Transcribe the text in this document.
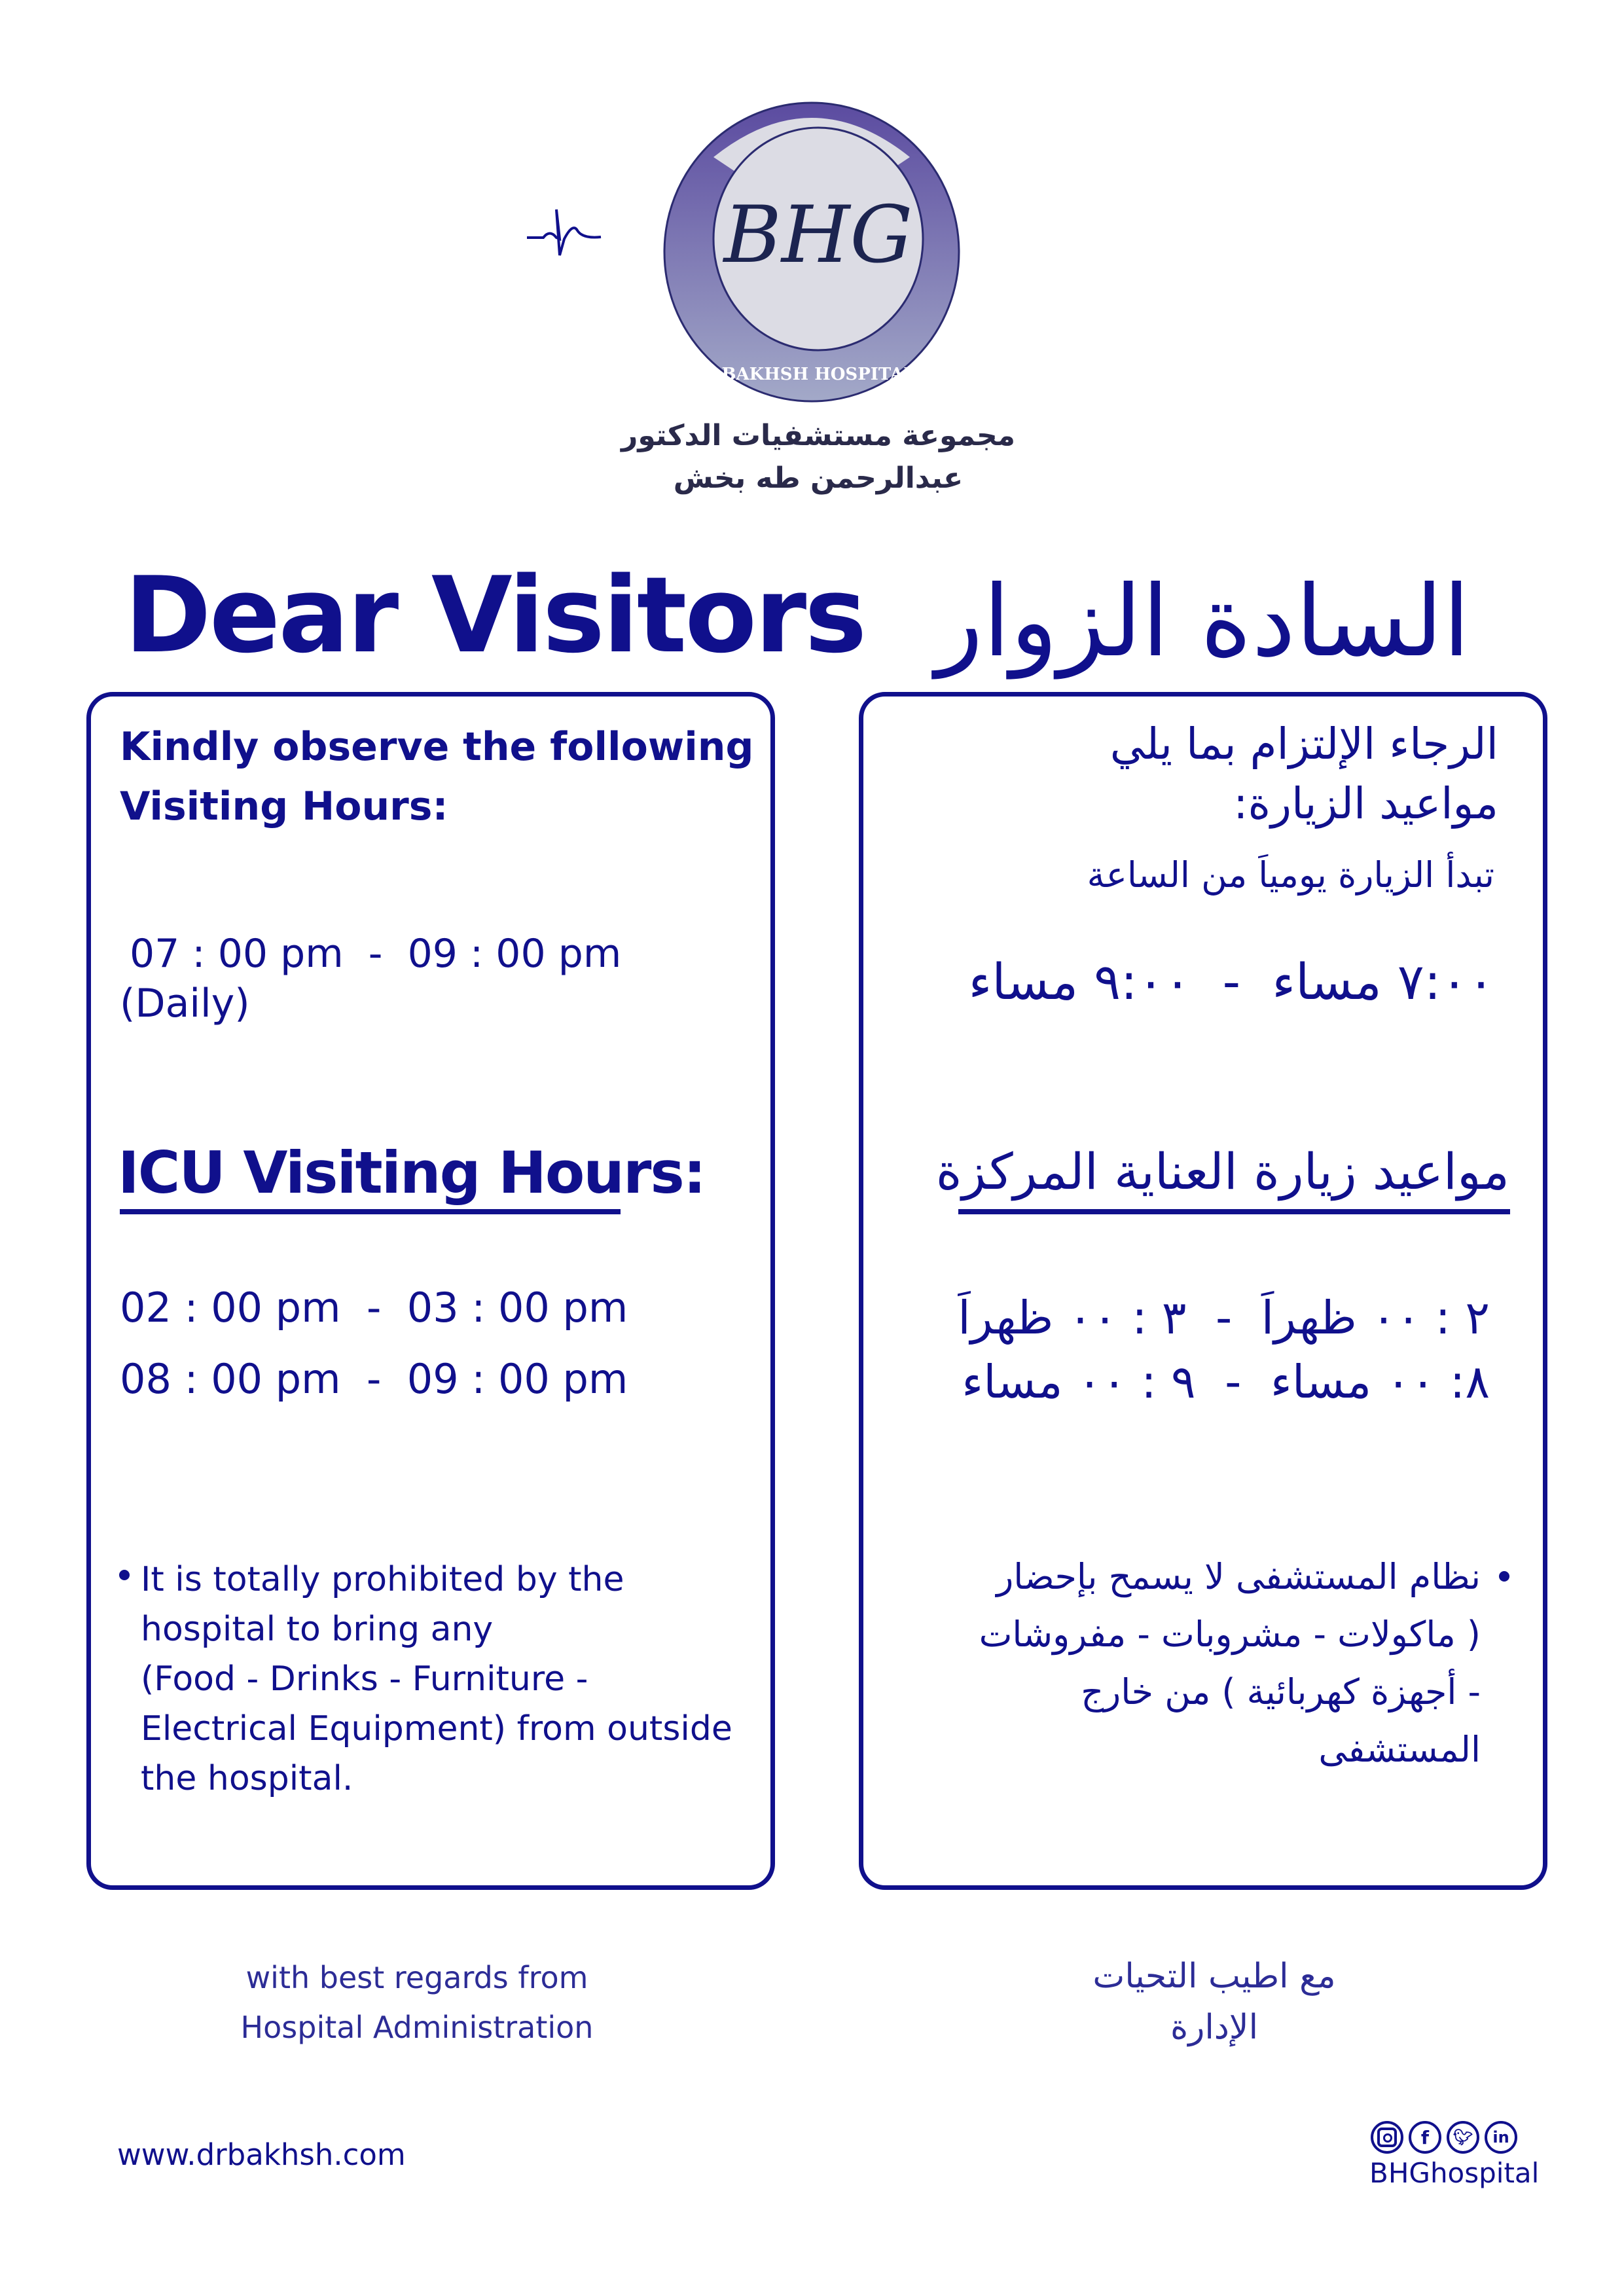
BHG
DOCTOR BAKHSH HOSPITAL GROUP
مجموعة مستشفيات الدكتور
عبدالرحمن طه بخش
Dear Visitors السادة الزوار
Kindly observe the following
Visiting Hours:
07 : 00 pm  -  09 : 00 pm
(Daily)
ICU Visiting Hours:
02 : 00 pm  -  03 : 00 pm
08 : 00 pm  -  09 : 00 pm
It is totally prohibited by the
hospital to bring any
(Food - Drinks - Furniture -
Electrical Equipment) from outside
the hospital.
الرجاء الإلتزام بما يلي
مواعيد الزيارة:
تبدأ الزيارة يومياَ من الساعة
٧:٠٠ مساء  -  ٩:٠٠ مساء
مواعيد زيارة العناية المركزة
٢ : ٠٠ ظهراَ  -  ٣ : ٠٠ ظهراَ
٨: ٠٠ مساء  -  ٩ : ٠٠ مساء
نظام المستشفى لا يسمح بإحضار
( ماكولات - مشروبات - مفروشات
- أجهزة كهربائية ) من خارج
المستشفى
with best regards from
Hospital Administration
مع اطيب التحيات
الإدارة
www.drbakhsh.com	f	🐦︎	in
BHGhospital
